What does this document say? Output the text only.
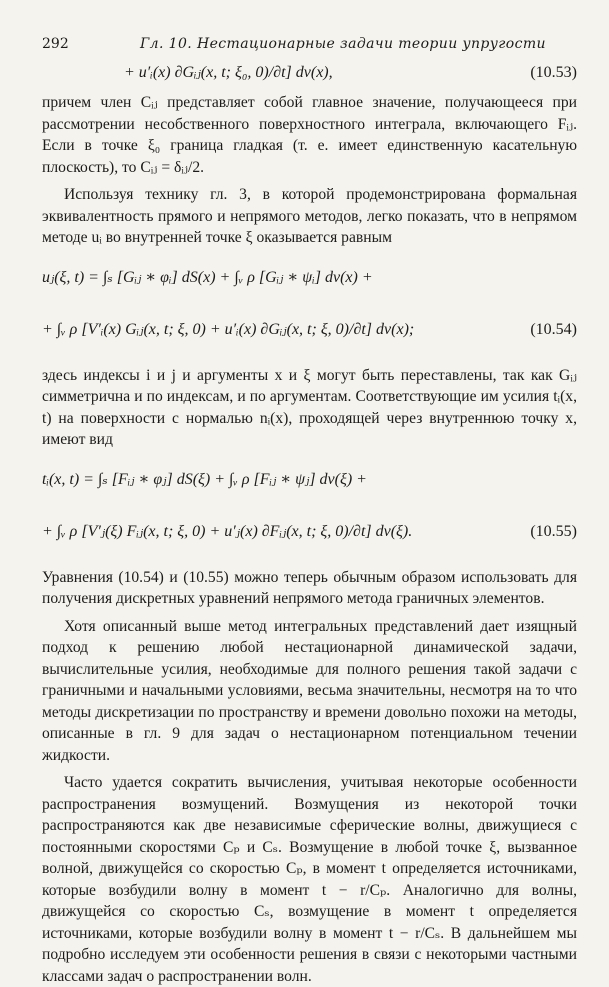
292	Гл. 10. Нестационарные задачи теории упругости
+ u′ᵢ(x) ∂Gᵢⱼ(x, t; ξ₀, 0)/∂t] dv(x),	(10.53)

причем член Cᵢⱼ представляет собой главное значение, получающееся при рассмотрении несобственного поверхностного интеграла, включающего Fᵢⱼ. Если в точке ξ₀ граница гладкая (т. е. имеет единственную касательную плоскость), то Cᵢⱼ = δᵢⱼ/2.

Используя технику гл. 3, в которой продемонстрирована формальная эквивалентность прямого и непрямого методов, легко показать, что в непрямом методе uᵢ во внутренней точке ξ оказывается равным

uⱼ(ξ, t) = ∫ₛ [Gᵢⱼ ∗ φᵢ] dS(x) + ∫ᵥ ρ [Gᵢⱼ ∗ ψᵢ] dv(x) +
+ ∫ᵥ ρ [V′ᵢ(x) Gᵢⱼ(x, t; ξ, 0) + u′ᵢ(x) ∂Gᵢⱼ(x, t; ξ, 0)/∂t] dv(x);	(10.54)

здесь индексы i и j и аргументы x и ξ могут быть переставлены, так как Gᵢⱼ симметрична и по индексам, и по аргументам. Соответствующие им усилия tᵢ(x, t) на поверхности с нормалью nᵢ(x), проходящей через внутреннюю точку x, имеют вид

tᵢ(x, t) = ∫ₛ [Fᵢⱼ ∗ φⱼ] dS(ξ) + ∫ᵥ ρ [Fᵢⱼ ∗ ψⱼ] dv(ξ) +
+ ∫ᵥ ρ [V′ⱼ(ξ) Fᵢⱼ(x, t; ξ, 0) + u′ⱼ(x) ∂Fᵢⱼ(x, t; ξ, 0)/∂t] dv(ξ).	(10.55)

Уравнения (10.54) и (10.55) можно теперь обычным образом использовать для получения дискретных уравнений непрямого метода граничных элементов.

Хотя описанный выше метод интегральных представлений дает изящный подход к решению любой нестационарной динамической задачи, вычислительные усилия, необходимые для полного решения такой задачи с граничными и начальными условиями, весьма значительны, несмотря на то что методы дискретизации по пространству и времени довольно похожи на методы, описанные в гл. 9 для задач о нестационарном потенциальном течении жидкости.

Часто удается сократить вычисления, учитывая некоторые особенности распространения возмущений. Возмущения из некоторой точки распространяются как две независимые сферические волны, движущиеся с постоянными скоростями Cₚ и Cₛ. Возмущение в любой точке ξ, вызванное волной, движущейся со скоростью Cₚ, в момент t определяется источниками, которые возбудили волну в момент t − r/Cₚ. Аналогично для волны, движущейся со скоростью Cₛ, возмущение в момент t определяется источниками, которые возбудили волну в момент t − r/Cₛ. В дальнейшем мы подробно исследуем эти особенности решения в связи с некоторыми частными классами задач о распространении волн.
